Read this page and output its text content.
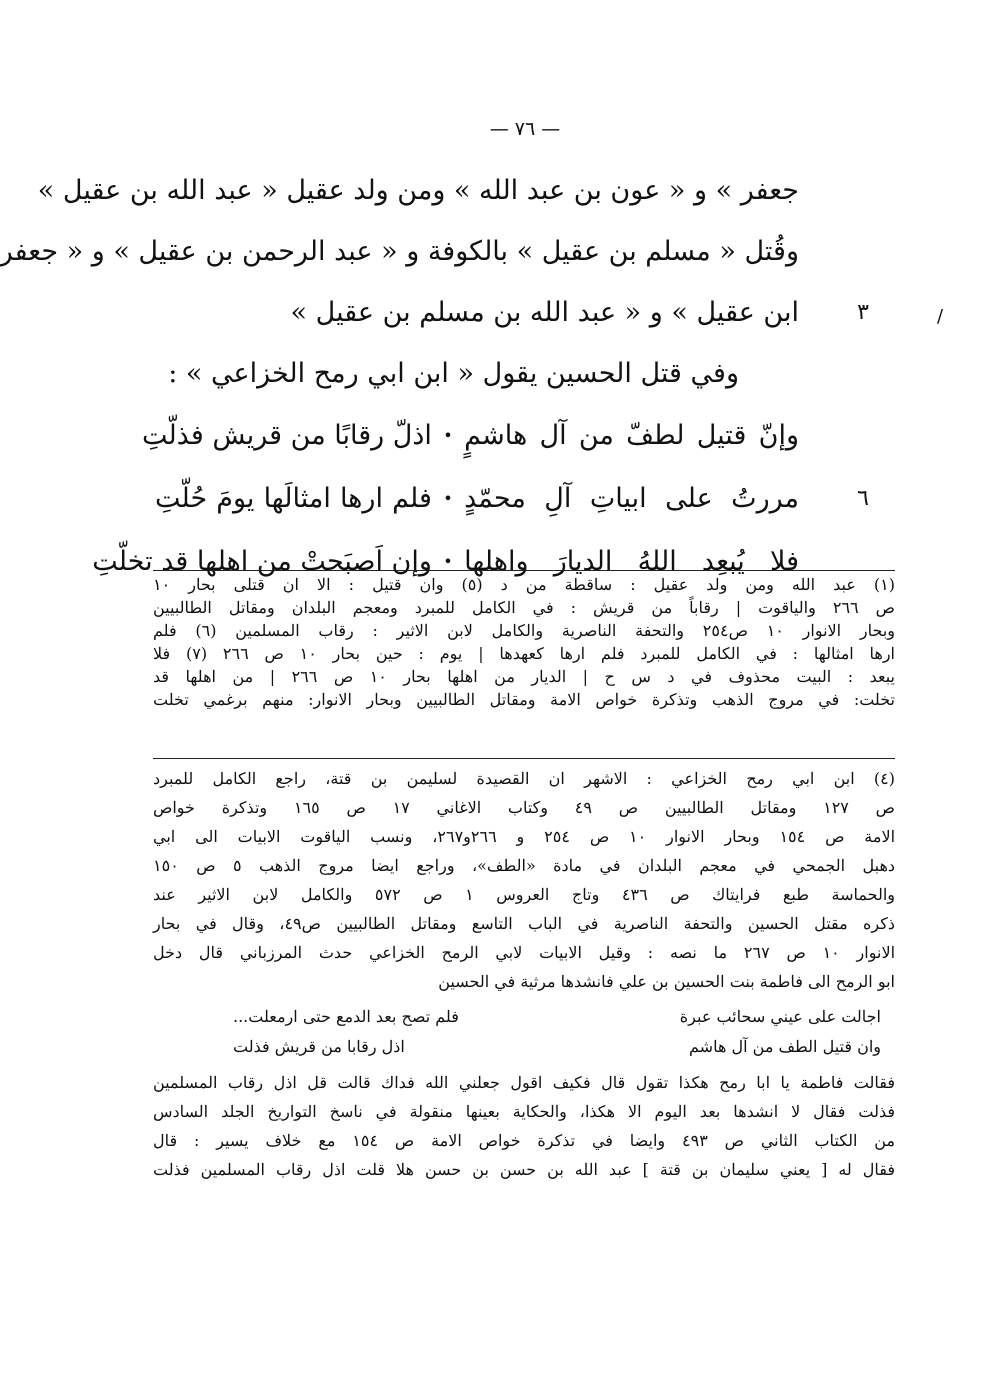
— ٧٦ —
/
جعفر » و « عون بن عبد الله » ومن ولد عقيل « عبد الله بن عقيل »
وقُتل « مسلم بن عقيل » بالكوفة و « عبد الرحمن بن عقيل » و « جعفر
ابن عقيل » و « عبد الله بن مسلم بن عقيل »	٣
وفي قتل الحسين يقول « ابن ابي رمح الخزاعي » :
وإنّ قتيل لطفّ من آل هاشمٍ
•
اذلّ رقابًا من قريش فذلّتِ
٦
مررتُ على ابياتِ آلِ محمّدٍ
•
فلم ارها امثالَها يومَ حُلّتِ
فلا يُبعِد اللهُ الديارَ واهلها
•
وإن اَصبَحتْ من اهلها قد تخلّتِ
(١) عبد الله ومن ولد عقيل : ساقطة من د (٥) وان قتيل : الا ان قتلى بحار ١٠
ص ٢٦٦ والياقوت | رقاباً من قريش : في الكامل للمبرد ومعجم البلدان ومقاتل الطالبيين
وبحار الانوار ١٠ ص٢٥٤ والتحفة الناصرية والكامل لابن الاثير : رقاب المسلمين (٦) فلم
ارها امثالها : في الكامل للمبرد فلم ارها كعهدها | يوم : حين بحار ١٠ ص ٢٦٦ (٧) فلا
يبعد : البيت محذوف في د س ح | الديار من اهلها بحار ١٠ ص ٢٦٦ | من اهلها قد
تخلت: في مروج الذهب وتذكرة خواص الامة ومقاتل الطالبيين وبحار الانوار: منهم برغمي تخلت
(٤) ابن ابي رمح الخزاعي : الاشهر ان القصيدة لسليمن بن قتة، راجع الكامل للمبرد
ص ١٢٧ ومقاتل الطالبيين ص ٤٩ وكتاب الاغاني ١٧ ص ١٦٥ وتذكرة خواص
الامة ص ١٥٤ وبحار الانوار ١٠ ص ٢٥٤ و ٢٦٦و٢٦٧، ونسب الياقوت الابيات الى ابي
دهبل الجمحي في معجم البلدان في مادة «الطف»، وراجع ايضا مروج الذهب ٥ ص ١٥٠
والحماسة طبع فرايتاك ص ٤٣٦ وتاج العروس ١ ص ٥٧٢ والكامل لابن الاثير عند
ذكره مقتل الحسين والتحفة الناصرية في الباب التاسع ومقاتل الطالبيين ص٤٩، وقال في بحار
الانوار ١٠ ص ٢٦٧ ما نصه : وقيل الابيات لابي الرمح الخزاعي حدث المرزباني قال دخل
ابو الرمح الى فاطمة بنت الحسين بن علي فانشدها مرثية في الحسين
اجالت على عيني سحائب عبرة
فلم تصح بعد الدمع حتى ارمعلت...
وان قتيل الطف من آل هاشم
اذل رقابا من قريش فذلت
فقالت فاطمة يا ابا رمح هكذا تقول قال فكيف اقول جعلني الله فداك قالت قل اذل رقاب المسلمين
فذلت فقال لا انشدها بعد اليوم الا هكذا، والحكاية بعينها منقولة في ناسخ التواريخ الجلد السادس
من الكتاب الثاني ص ٤٩٣ وايضا في تذكرة خواص الامة ص ١٥٤ مع خلاف يسير : قال
فقال له [ يعني سليمان بن قتة ] عبد الله بن حسن بن حسن هلا قلت اذل رقاب المسلمين فذلت
